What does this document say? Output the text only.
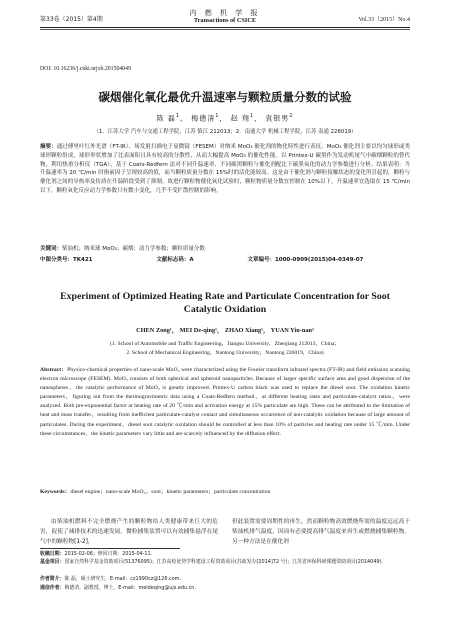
第33卷（2015）第4期
内 燃 机 学 报
Transactions of CSICE	Vol.33（2015）No.4
DOI: 10.16236/j.cnki.nrjxb.201504049
碳烟催化氧化最优升温速率与颗粒质量分数的试验
陈 磊$^1$， 梅德清$^1$， 赵 翔$^1$， 袁银男$^2$
（1．江苏大学 汽车与交通工程学院，江苏 镇江 212013；2．南通大学 机械工程学院，江苏 南通 226019）
摘要：通过傅里叶红外光谱（FT-IR）、场发射扫描电子显微镜（FESEM）对纳米 MoO₃ 催化剂的物化特性进行表征。MoO₃ 催化剂主要以均匀球形或类球形颗粒组成，球形形状增加了比表面积且具有较高的分散性，从而大幅提高 MoO₃ 的催化性能。以 Printex-U 碳黑作为发动机尾气中碳烟颗粒的替代物，利用热重分析仪（TGA），基于 Coats-Redfern 法对不同升温速率、不同碳黑颗粒与催化剂配比下碳黑氧化的动力学参数进行分析。结果表明：当升温速率为 20 ℃/min 时指前因子呈现较高的值，而当颗粒质量分数在 15%时的活化能较高。这是由于催化剂与颗粒接触状态的变化所引起的，颗粒与催化剂之间的导热率及传质在升温阶段受到了抑制。故进行颗粒物催化氧化试验时，颗粒物质量分数宜控制在 10%以下，升温速率宜选取在 15 ℃/min 以下，颗粒氧化反应动力学参数只有微小变化，几乎不受扩散控制的影响。
关键词：柴油机；纳米球 MoO₃；碳烟；动力学参数；颗粒质量分数
中图分类号：TK421	文献标志码：A	文章编号：1000-0909(2015)04-0349-07
Experiment of Optimized Heating Rate and Particulate Concentration for Soot Catalytic Oxidation
CHEN Zong¹， MEI De-qing¹， ZHAO Xiang¹， YUAN Yin-nan²
(1. School of Automobile and Traffic Engineering，Jiangsu University，Zhenjiang 212013，China；
2. School of Mechanical Engineering，Nantong University，Nantong 226019，China)
Abstract：Physico-chemical properties of nano-scale MoO₃ were characterized using the Fourier transform infrared spectra (FT-IR) and field emission scanning electron microscope (FESEM). MoO₃ consists of both spherical and spheroid nanoparticles. Because of larger specific surface area and good dispersion of the nanospheres，the catalytic performance of MoO₃ is greatly improved. Printex-U carbon black was used to replace the diesel soot. The oxidation kinetic parameters，figuring out from the thermogravimetric data using a Coats-Redfern method，at different heating rates and particulate-catalyst ratios，were analyzed. Both pre-exponential factor at heating rate of 20 ℃/min and activation energy at 15% particulate are high. These can be attributed to the limitation of heat and mass transfer，resulting from inefficient particulate-catalyst contact and simultaneous occurrence of non-catalytic oxidation because of large amount of particulates. During the experiment，diesel soot catalytic oxidation should be controlled at less than 10% of particles and heating rate under 15 ℃/min. Under these circumstances，the kinetic parameters vary little and are scarcely influenced by the diffusion effect.
Keywords：diesel engine；nano-scale MoO₃；soot；kinetic parameters；particulate concentration
由柴油机燃料不完全燃烧产生的颗粒物给人类健康带来巨大的危害，促使了减排技术的迅速发展。微粒捕集装置可以有效捕集悬浮在尾气中的颗粒物[1-2]，
但此装置需要周期性的再生，然而颗粒物高效燃烧所需的温度远远高于柴油机排气温度，因而有必要提高排气温度来再生或燃烧捕集颗粒物。另一种方法是在催化剂
收稿日期：2015-02-06；修回日期：2015-04-11.
基金项目：国家自然科学基金资助项目(51376095)；江苏高校优势学科建设工程资助项目(苏政发办[2014]72 号)；江苏省环保科研课题资助项目(2014049).
作者简介：陈 磊，硕士研究生，E-mail：cz1990cz@126.com.
通信作者：梅德清，副教授，博士，E-mail：meideqing@ujs.edu.cn.
